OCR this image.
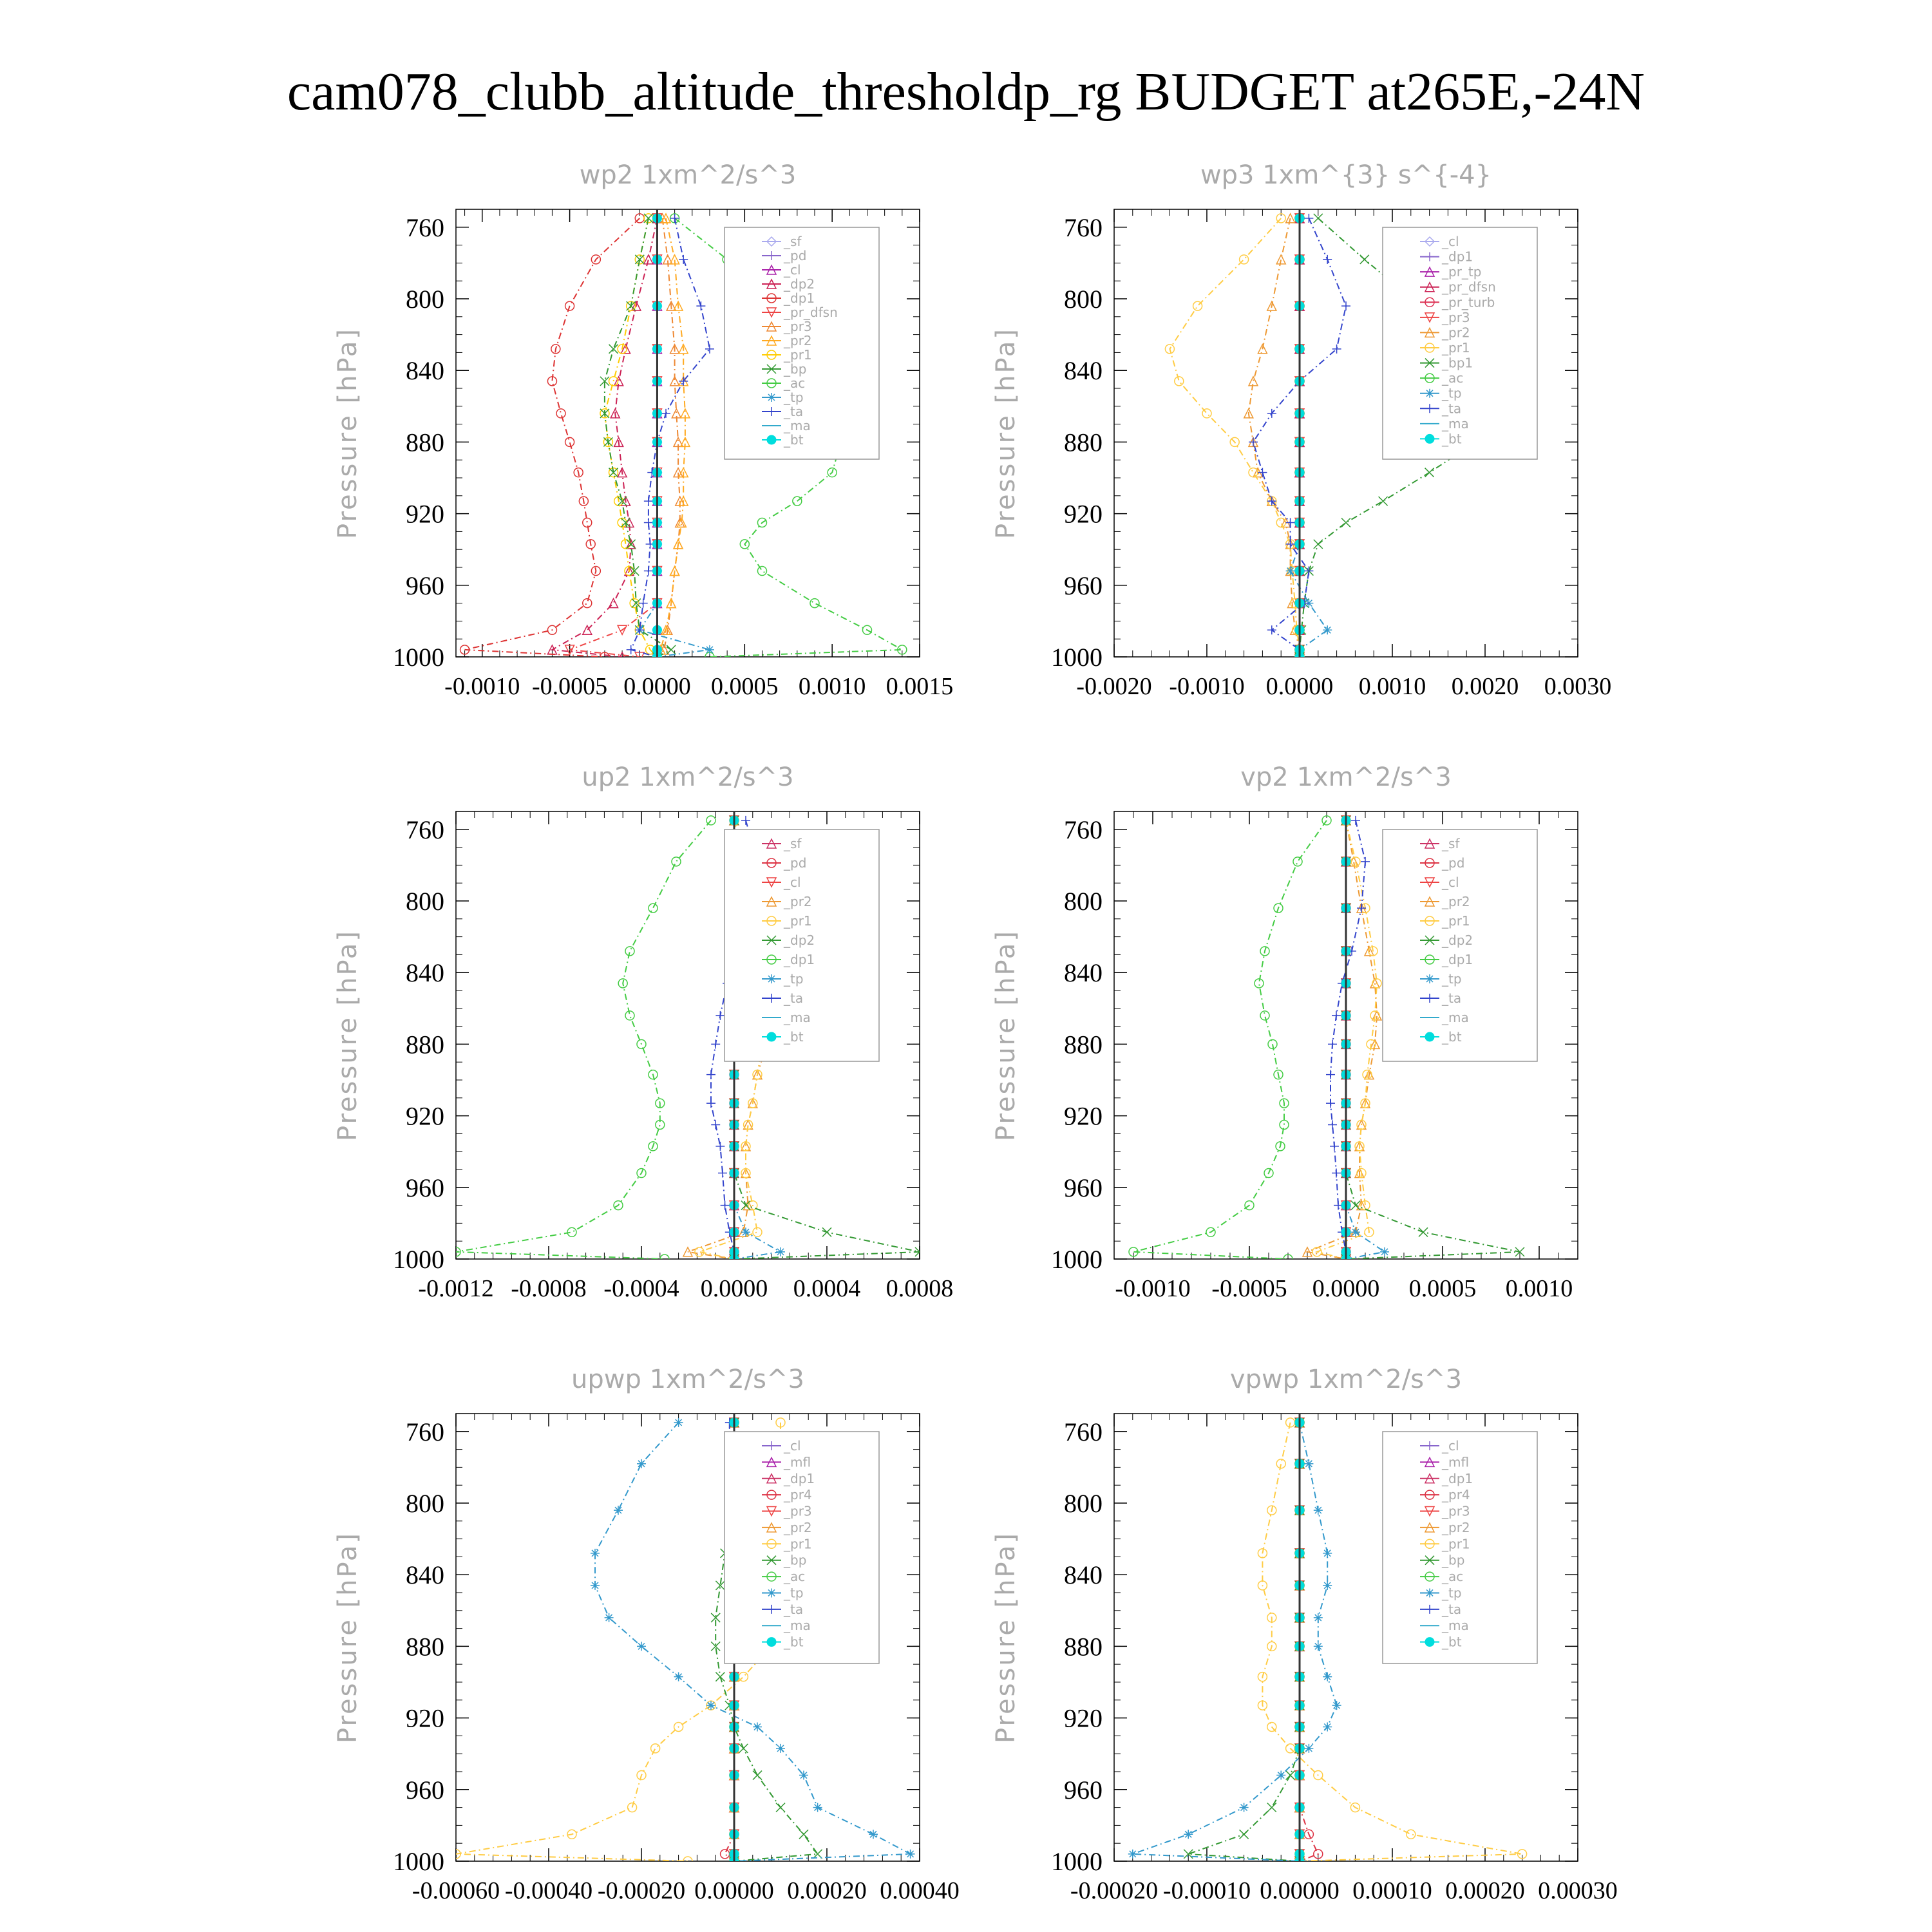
cam078_clubb_altitude_thresholdp_rg BUDGET at265E,-24N
wp2 1xm^2/s^3
Pressure [hPa]
760
800
840
880
920
960
1000
-0.0010 -0.0005 0.0000 0.0005 0.0010 0.0015
_sf
_pd
_cl
_dp2
_dp1
_pr_dfsn
_pr3
_pr2
_pr1
_bp
_ac
_tp
_ta
_ma
_bt
wp3 1xm^{3} s^{-4}
Pressure [hPa]
760
800
840
880
920
960
1000
-0.0020 -0.0010 0.0000 0.0010 0.0020 0.0030
_cl
_dp1
_pr_tp
_pr_dfsn
_pr_turb
_pr3
_pr2
_pr1
_bp1
_ac
_tp
_ta
_ma
_bt
up2 1xm^2/s^3
Pressure [hPa]
760
800
840
880
920
960
1000
-0.0012 -0.0008 -0.0004 0.0000 0.0004 0.0008
_sf
_pd
_cl
_pr2
_pr1
_dp2
_dp1
_tp
_ta
_ma
_bt
vp2 1xm^2/s^3
Pressure [hPa]
760
800
840
880
920
960
1000
-0.0010 -0.0005 0.0000 0.0005 0.0010
_sf
_pd
_cl
_pr2
_pr1
_dp2
_dp1
_tp
_ta
_ma
_bt
upwp 1xm^2/s^3
Pressure [hPa]
760
800
840
880
920
960
1000
-0.00060 -0.00040 -0.00020 0.00000 0.00020 0.00040
_cl
_mfl
_dp1
_pr4
_pr3
_pr2
_pr1
_bp
_ac
_tp
_ta
_ma
_bt
vpwp 1xm^2/s^3
Pressure [hPa]
760
800
840
880
920
960
1000
-0.00020 -0.00010 0.00000 0.00010 0.00020 0.00030
_cl
_mfl
_dp1
_pr4
_pr3
_pr2
_pr1
_bp
_ac
_tp
_ta
_ma
_bt
